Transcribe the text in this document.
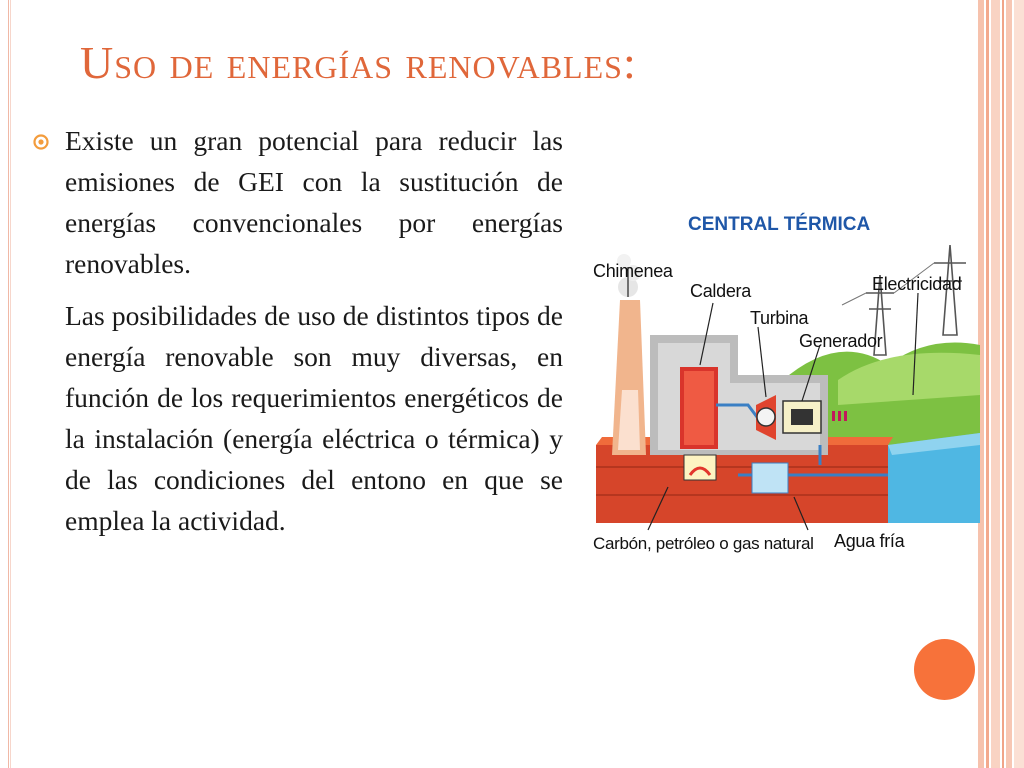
Uso de energías renovables:

Existe un gran potencial para reducir las emisiones de GEI con la sustitución de energías convencionales por energías renovables.

Las posibilidades de uso de distintos tipos de energía renovable son muy diversas, en función de los requerimientos energéticos de la instalación (energía eléctrica o térmica) y de las condiciones del entono en que se emplea la actividad.

CENTRAL TÉRMICA
Chimenea
Caldera
Turbina
Generador
Electricidad
Carbón, petróleo o gas natural Agua fría
